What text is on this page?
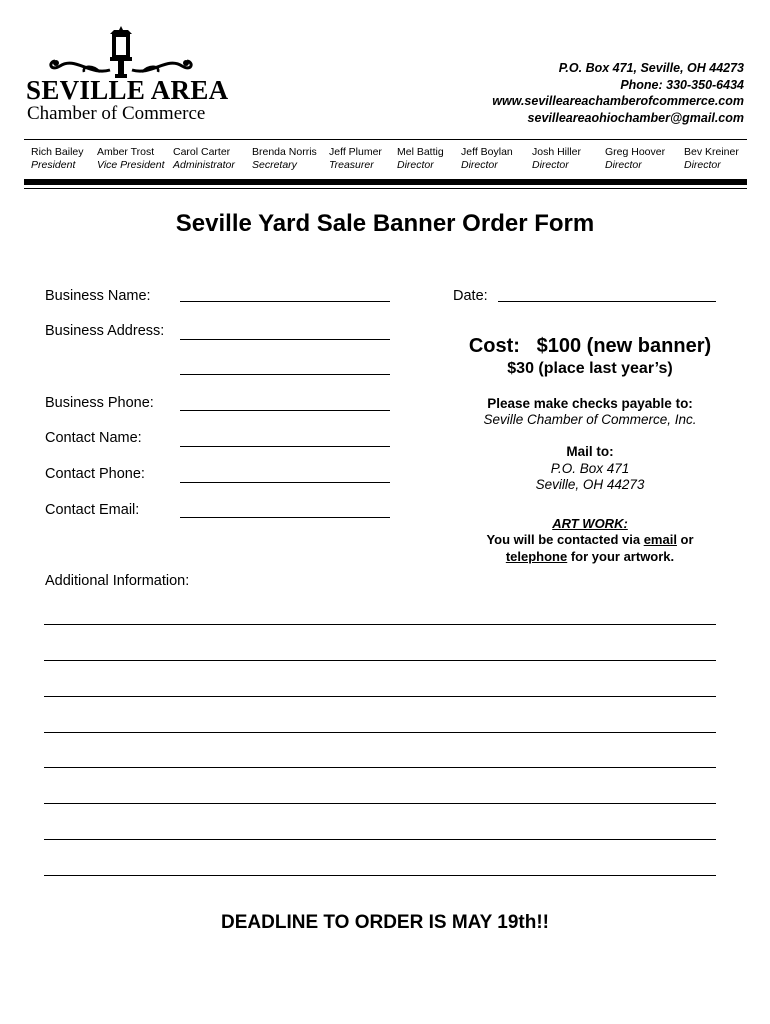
SEVILLE AREA
Chamber of Commerce
P.O. Box 471, Seville, OH 44273
Phone: 330-350-6434
www.sevilleareachamberofcommerce.com
sevilleareaohiochamber@gmail.com
Rich Bailey
President
Amber Trost
Vice President
Carol Carter
Administrator
Brenda Norris
Secretary
Jeff Plumer
Treasurer
Mel Battig
Director
Jeff Boylan
Director
Josh Hiller
Director
Greg Hoover
Director
Bev Kreiner
Director
Seville Yard Sale Banner Order Form
Business Name:
Business Address:
Business Phone:
Contact Name:
Contact Phone:
Contact Email:
Date:
Cost:   $100 (new banner)
$30 (place last year’s)
Please make checks payable to:
Seville Chamber of Commerce, Inc.
Mail to:
P.O. Box 471
Seville, OH 44273
ART WORK:
You will be contacted via email or
telephone for your artwork.
Additional Information:
DEADLINE TO ORDER IS MAY 19th!!
